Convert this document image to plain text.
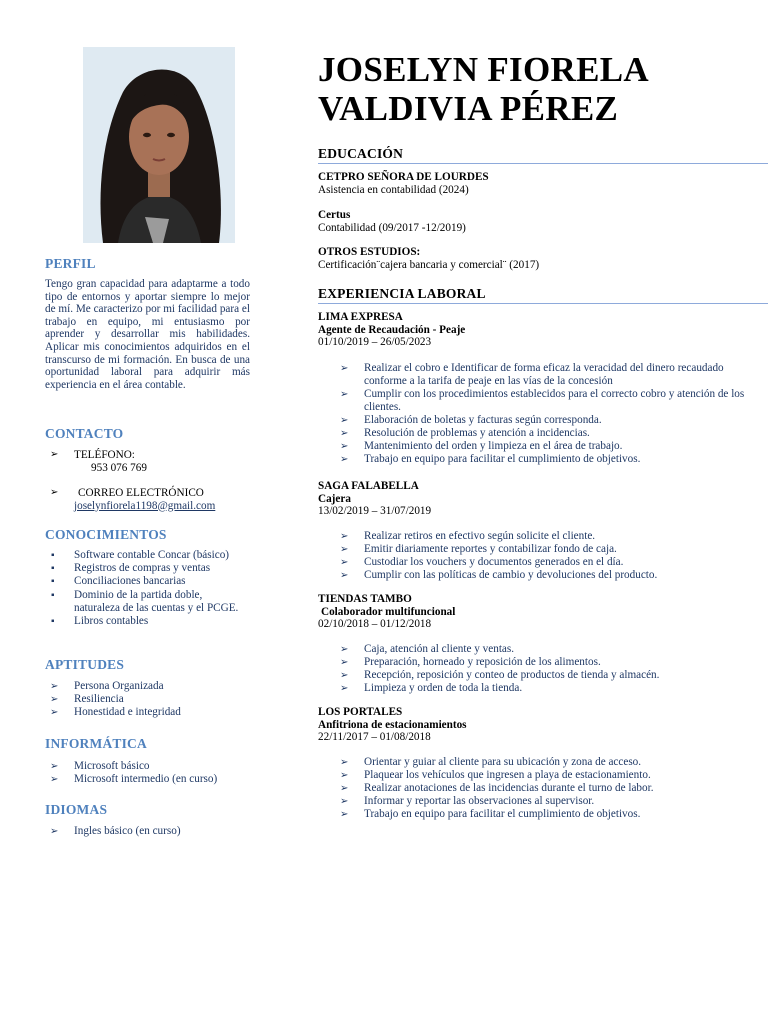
PERFIL
Tengo gran capacidad para adaptarme a todo tipo de entornos y aportar siempre lo mejor de mí. Me caracterizo por mi facilidad para el trabajo en equipo, mi entusiasmo por aprender y desarrollar mis habilidades. Aplicar mis conocimientos adquiridos en el transcurso de mi formación. En busca de una oportunidad laboral para adquirir más experiencia en el área contable.
CONTACTO
➢	TELÉFONO:
953 076 769
➢	CORREO ELECTRÓNICO
joselynfiorela1198@gmail.com
CONOCIMIENTOS
▪ Software contable Concar (básico)
▪ Registros de compras y ventas
▪ Conciliaciones bancarias
▪ Dominio de la partida doble, naturaleza de las cuentas y el PCGE.
▪ Libros contables
APTITUDES
➢ Persona Organizada
➢ Resiliencia
➢ Honestidad e integridad
INFORMÁTICA
➢ Microsoft básico
➢ Microsoft intermedio (en curso)
IDIOMAS
➢ Ingles básico (en curso)
JOSELYN FIORELA
VALDIVIA PÉREZ
EDUCACIÓN
CETPRO SEÑORA DE LOURDES
Asistencia en contabilidad (2024)
Certus
Contabilidad (09/2017 -12/2019)
OTROS ESTUDIOS:
Certificación¨cajera bancaria y comercial¨ (2017)
EXPERIENCIA LABORAL
LIMA EXPRESA
Agente de Recaudación - Peaje
01/10/2019 – 26/05/2023
➢ Realizar el cobro e Identificar de forma eficaz la veracidad del dinero recaudado conforme a la tarifa de peaje en las vías de la concesión
➢ Cumplir con los procedimientos establecidos para el correcto cobro y atención de los clientes.
➢ Elaboración de boletas y facturas según corresponda.
➢ Resolución de problemas y atención a incidencias.
➢ Mantenimiento del orden y limpieza en el área de trabajo.
➢ Trabajo en equipo para facilitar el cumplimiento de objetivos.
SAGA FALABELLA
Cajera
13/02/2019 – 31/07/2019
➢ Realizar retiros en efectivo según solicite el cliente.
➢ Emitir diariamente reportes y contabilizar fondo de caja.
➢ Custodiar los vouchers y documentos generados en el día.
➢ Cumplir con las políticas de cambio y devoluciones del producto.
TIENDAS TAMBO
Colaborador multifuncional
02/10/2018 – 01/12/2018
➢ Caja, atención al cliente y ventas.
➢ Preparación, horneado y reposición de los alimentos.
➢ Recepción, reposición y conteo de productos de tienda y almacén.
➢ Limpieza y orden de toda la tienda.
LOS PORTALES
Anfitriona de estacionamientos
22/11/2017 – 01/08/2018
➢ Orientar y guiar al cliente para su ubicación y zona de acceso.
➢ Plaquear los vehículos que ingresen a playa de estacionamiento.
➢ Realizar anotaciones de las incidencias durante el turno de labor.
➢ Informar y reportar las observaciones al supervisor.
➢ Trabajo en equipo para facilitar el cumplimiento de objetivos.
